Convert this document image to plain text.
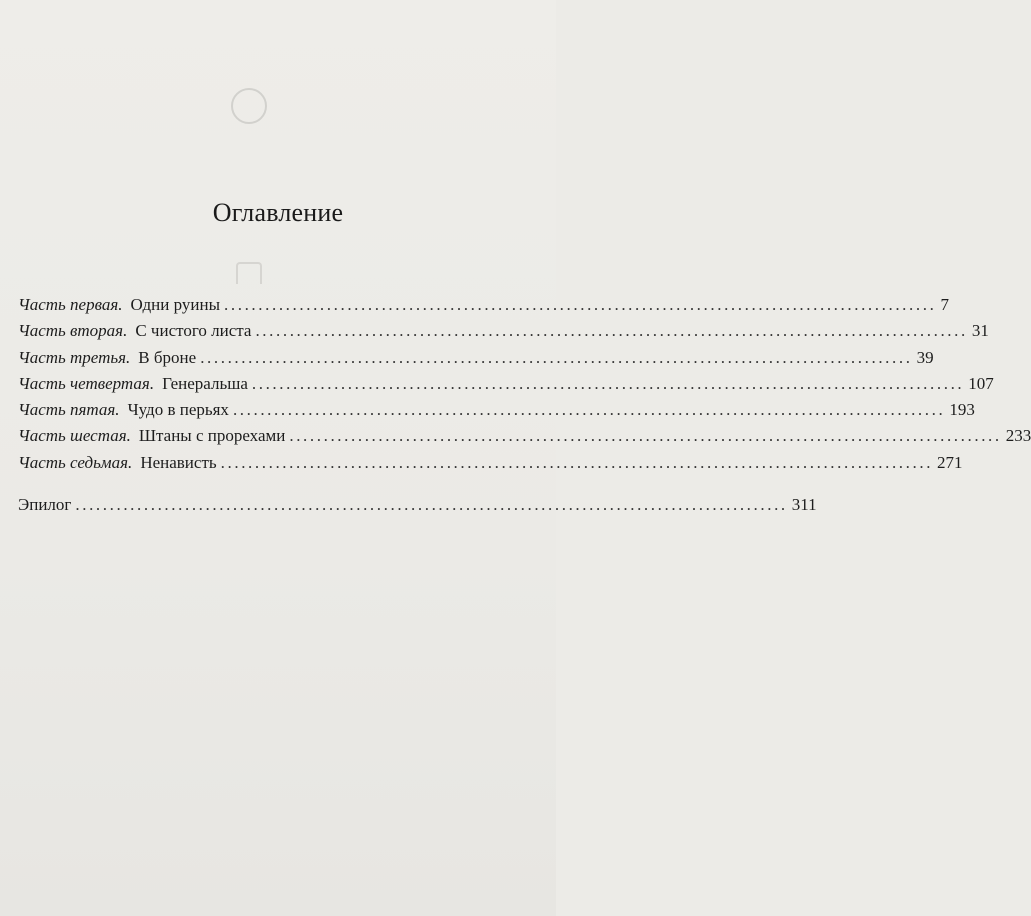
Оглавление
Часть первая. Одни руины ........................................................................................................ 7
Часть вторая. С чистого листа ........................................................................................................ 31
Часть третья. В броне ........................................................................................................ 39
Часть четвертая. Генеральша ........................................................................................................ 107
Часть пятая. Чудо в перьях ........................................................................................................ 193
Часть шестая. Штаны с прорехами ........................................................................................................ 233
Часть седьмая. Ненависть ........................................................................................................ 271
Эпилог ........................................................................................................ 311
